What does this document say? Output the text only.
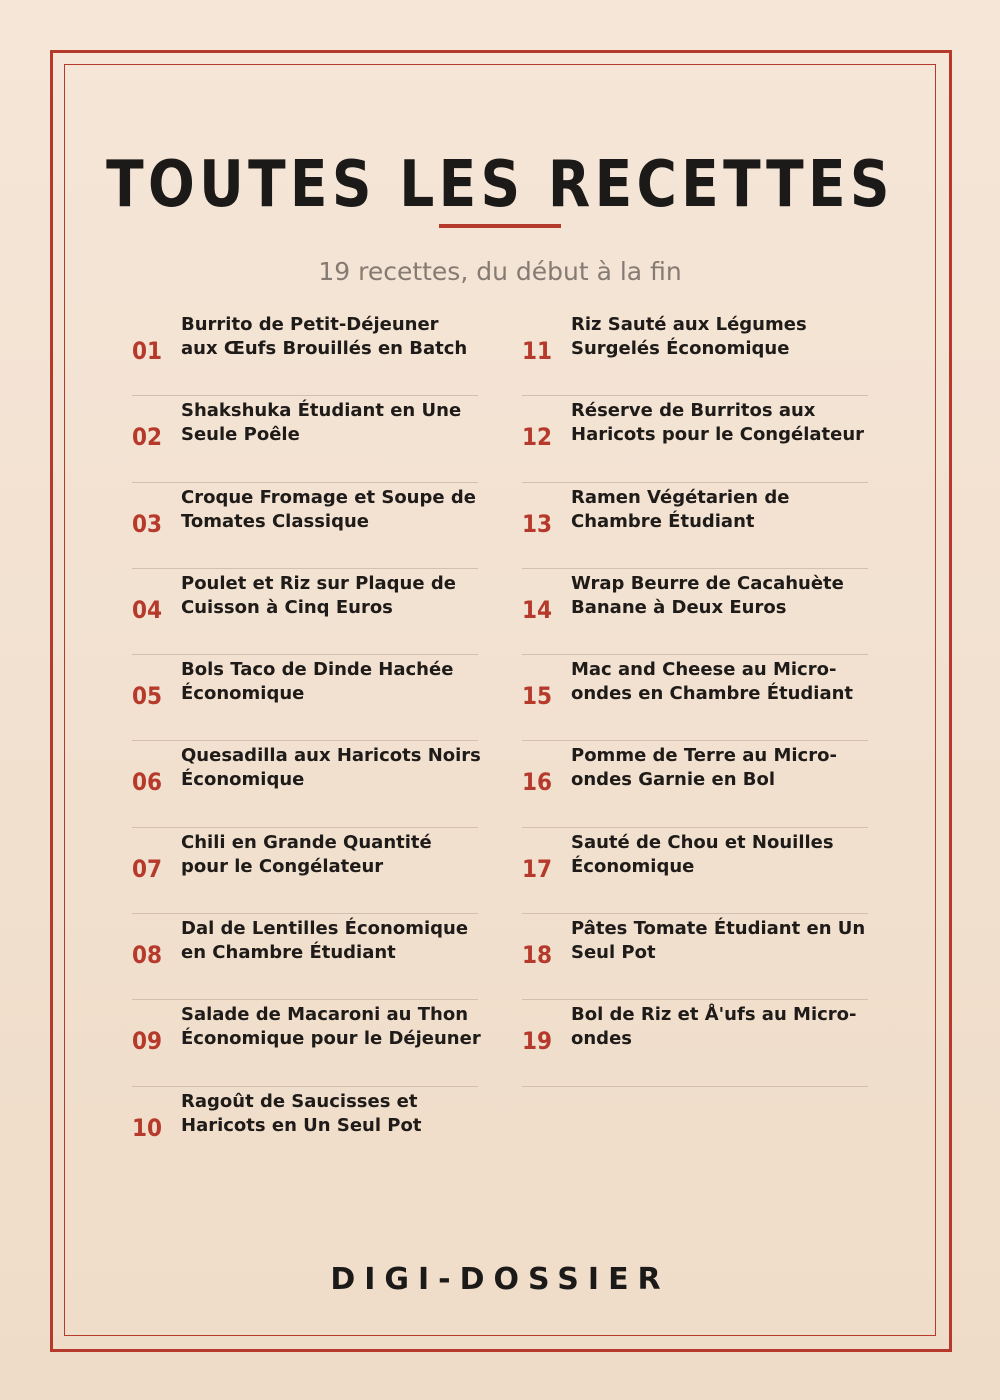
TOUTES LES RECETTES
19 recettes, du début à la fin
01
Burrito de Petit-Déjeuner aux Œufs Brouillés en Batch
02
Shakshuka Étudiant en Une Seule Poêle
03
Croque Fromage et Soupe de Tomates Classique
04
Poulet et Riz sur Plaque de Cuisson à Cinq Euros
05
Bols Taco de Dinde Hachée Économique
06
Quesadilla aux Haricots Noirs Économique
07
Chili en Grande Quantité pour le Congélateur
08
Dal de Lentilles Économique en Chambre Étudiant
09
Salade de Macaroni au Thon Économique pour le Déjeuner
10
Ragoût de Saucisses et Haricots en Un Seul Pot
11
Riz Sauté aux Légumes Surgelés Économique
12
Réserve de Burritos aux Haricots pour le Congélateur
13
Ramen Végétarien de Chambre Étudiant
14
Wrap Beurre de Cacahuète Banane à Deux Euros
15
Mac and Cheese au Micro-ondes en Chambre Étudiant
16
Pomme de Terre au Micro-ondes Garnie en Bol
17
Sauté de Chou et Nouilles Économique
18
Pâtes Tomate Étudiant en Un Seul Pot
19
Bol de Riz et Å'ufs au Micro-ondes
DIGI-DOSSIER
